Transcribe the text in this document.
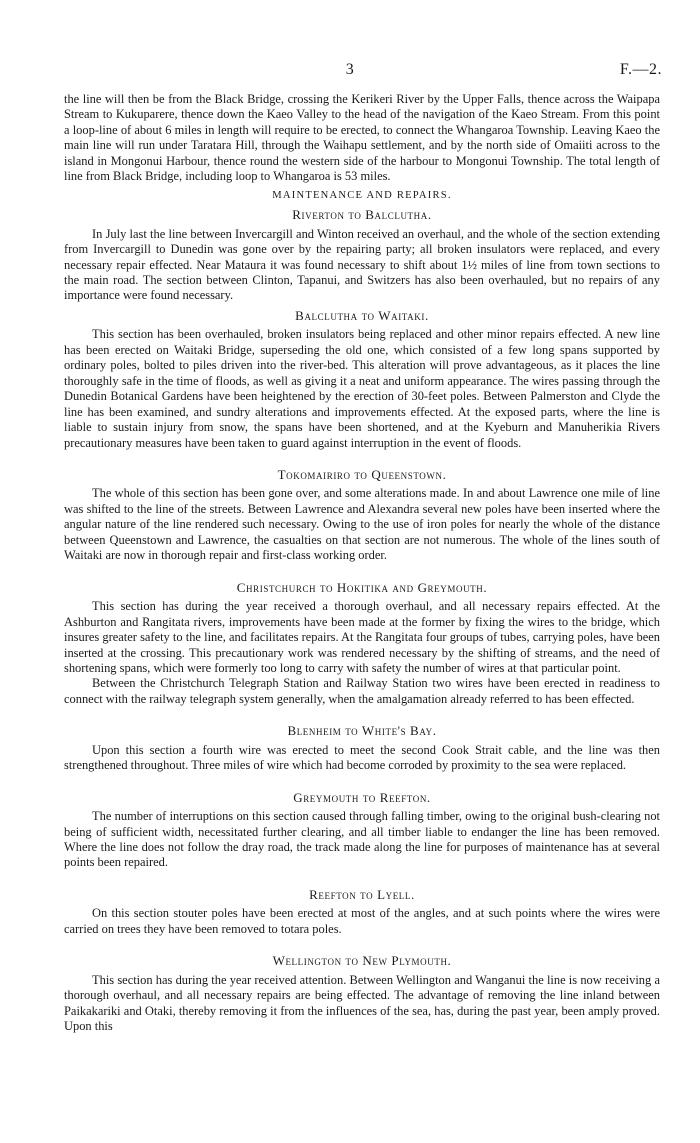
3	F.—2.

the line will then be from the Black Bridge, crossing the Kerikeri River by the Upper Falls, thence across the Waipapa Stream to Kukuparere, thence down the Kaeo Valley to the head of the navigation of the Kaeo Stream. From this point a loop-line of about 6 miles in length will require to be erected, to connect the Whangaroa Township. Leaving Kaeo the main line will run under Taratara Hill, through the Waihapu settlement, and by the north side of Omaiiti across to the island in Mongonui Harbour, thence round the western side of the harbour to Mongonui Township. The total length of line from Black Bridge, including loop to Whangaroa is 53 miles.

MAINTENANCE AND REPAIRS.
Riverton to Balclutha.

In July last the line between Invercargill and Winton received an overhaul, and the whole of the section extending from Invercargill to Dunedin was gone over by the repairing party; all broken insulators were replaced, and every necessary repair effected. Near Mataura it was found necessary to shift about 1½ miles of line from town sections to the main road. The section between Clinton, Tapanui, and Switzers has also been overhauled, but no repairs of any importance were found necessary.

Balclutha to Waitaki.

This section has been overhauled, broken insulators being replaced and other minor repairs effected. A new line has been erected on Waitaki Bridge, superseding the old one, which consisted of a few long spans supported by ordinary poles, bolted to piles driven into the river-bed. This alteration will prove advantageous, as it places the line thoroughly safe in the time of floods, as well as giving it a neat and uniform appearance. The wires passing through the Dunedin Botanical Gardens have been heightened by the erection of 30-feet poles. Between Palmerston and Clyde the line has been examined, and sundry alterations and improvements effected. At the exposed parts, where the line is liable to sustain injury from snow, the spans have been shortened, and at the Kyeburn and Manuherikia Rivers precautionary measures have been taken to guard against interruption in the event of floods.

Tokomairiro to Queenstown.

The whole of this section has been gone over, and some alterations made. In and about Lawrence one mile of line was shifted to the line of the streets. Between Lawrence and Alexandra several new poles have been inserted where the angular nature of the line rendered such necessary. Owing to the use of iron poles for nearly the whole of the distance between Queenstown and Lawrence, the casualties on that section are not numerous. The whole of the lines south of Waitaki are now in thorough repair and first-class working order.

Christchurch to Hokitika and Greymouth.

This section has during the year received a thorough overhaul, and all necessary repairs effected. At the Ashburton and Rangitata rivers, improvements have been made at the former by fixing the wires to the bridge, which insures greater safety to the line, and facilitates repairs. At the Rangitata four groups of tubes, carrying poles, have been inserted at the crossing. This precautionary work was rendered necessary by the shifting of streams, and the need of shortening spans, which were formerly too long to carry with safety the number of wires at that particular point.

Between the Christchurch Telegraph Station and Railway Station two wires have been erected in readiness to connect with the railway telegraph system generally, when the amalgamation already referred to has been effected.

Blenheim to White's Bay.

Upon this section a fourth wire was erected to meet the second Cook Strait cable, and the line was then strengthened throughout. Three miles of wire which had become corroded by proximity to the sea were replaced.

Greymouth to Reefton.

The number of interruptions on this section caused through falling timber, owing to the original bush-clearing not being of sufficient width, necessitated further clearing, and all timber liable to endanger the line has been removed. Where the line does not follow the dray road, the track made along the line for purposes of maintenance has at several points been repaired.

Reefton to Lyell.

On this section stouter poles have been erected at most of the angles, and at such points where the wires were carried on trees they have been removed to totara poles.

Wellington to New Plymouth.

This section has during the year received attention. Between Wellington and Wanganui the line is now receiving a thorough overhaul, and all necessary repairs are being effected. The advantage of removing the line inland between Paikakariki and Otaki, thereby removing it from the influences of the sea, has, during the past year, been amply proved. Upon this
